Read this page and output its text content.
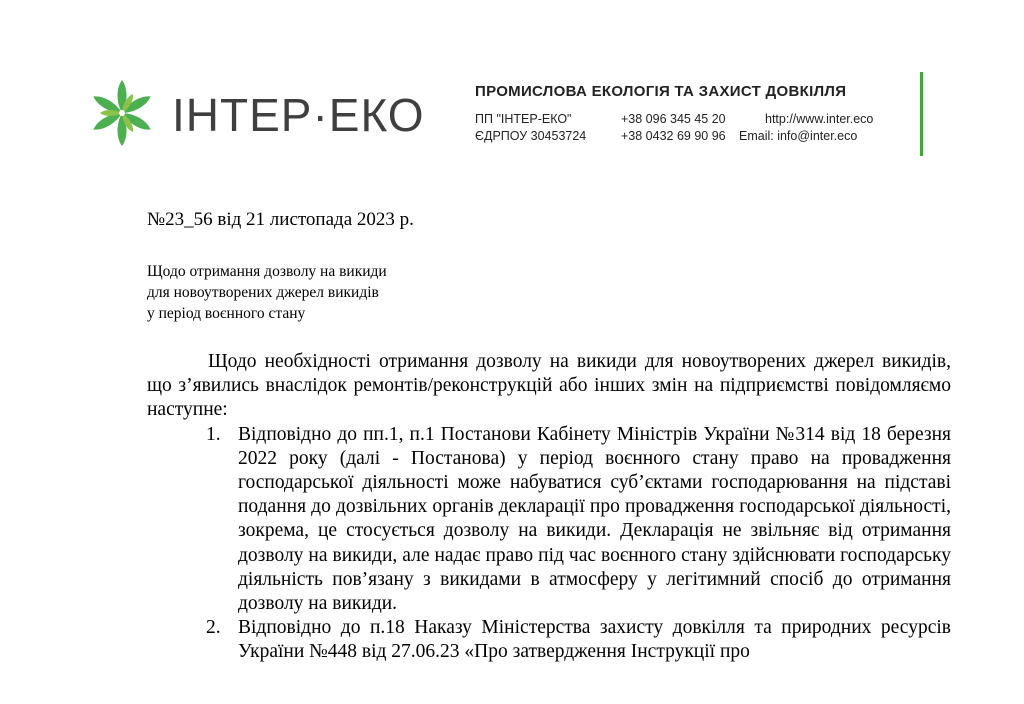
ІНТЕР·ЕКО	ПРОМИСЛОВА ЕКОЛОГІЯ ТА ЗАХИСТ ДОВКІЛЛЯ
ПП "ІНТЕР-ЕКО"
ЄДРПОУ 30453724
+38 096 345 45 20
+38 0432 69 90 96
http://www.inter.eco
Email: info@inter.eco
№23_56 від 21 листопада 2023 р.
Щодо отримання дозволу на викиди
для новоутворених джерел викидів
у період воєнного стану

Щодо необхідності отримання дозволу на викиди для новоутворених джерел викидів, що з’явились внаслідок ремонтів/реконструкцій або інших змін на підприємстві повідомляємо наступне:

1. Відповідно до пп.1, п.1 Постанови Кабінету Міністрів України №314 від 18 березня 2022 року (далі - Постанова) у період воєнного стану право на провадження господарської діяльності може набуватися суб’єктами господарювання на підставі подання до дозвільних органів декларації про провадження господарської діяльності, зокрема, це стосується дозволу на викиди. Декларація не звільняє від отримання дозволу на викиди, але надає право під час воєнного стану здійснювати господарську діяльність пов’язану з викидами в атмосферу у легітимний спосіб до отримання дозволу на викиди.
2. Відповідно до п.18 Наказу Міністерства захисту довкілля та природних ресурсів України №448 від 27.06.23 «Про затвердження Інструкції про
